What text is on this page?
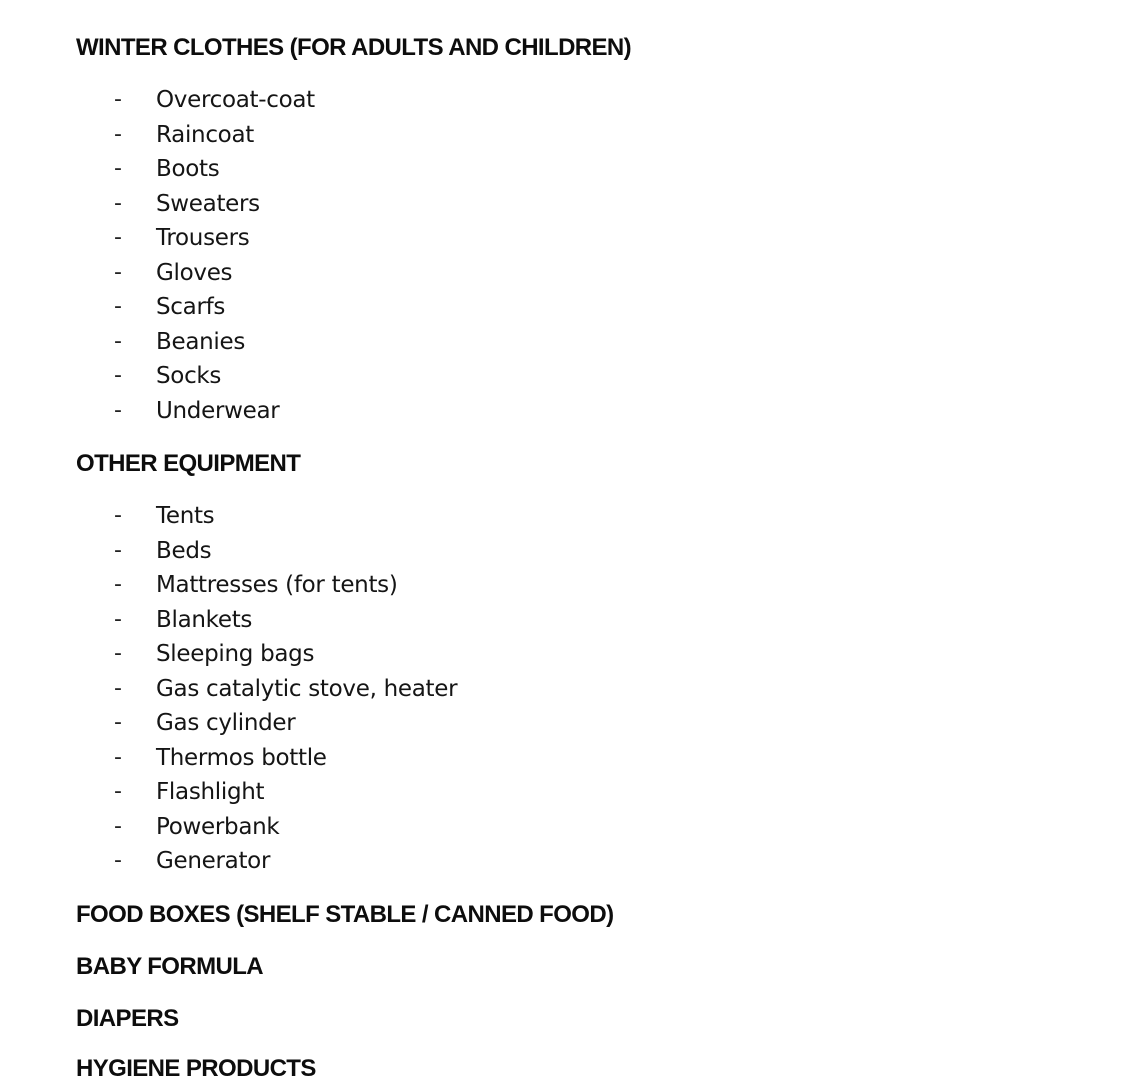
WINTER CLOTHES (FOR ADULTS AND CHILDREN)
- Overcoat-coat
- Raincoat
- Boots
- Sweaters
- Trousers
- Gloves
- Scarfs
- Beanies
- Socks
- Underwear
OTHER EQUIPMENT
- Tents
- Beds
- Mattresses (for tents)
- Blankets
- Sleeping bags
- Gas catalytic stove, heater
- Gas cylinder
- Thermos bottle
- Flashlight
- Powerbank
- Generator
FOOD BOXES (SHELF STABLE / CANNED FOOD)
BABY FORMULA
DIAPERS
HYGIENE PRODUCTS
